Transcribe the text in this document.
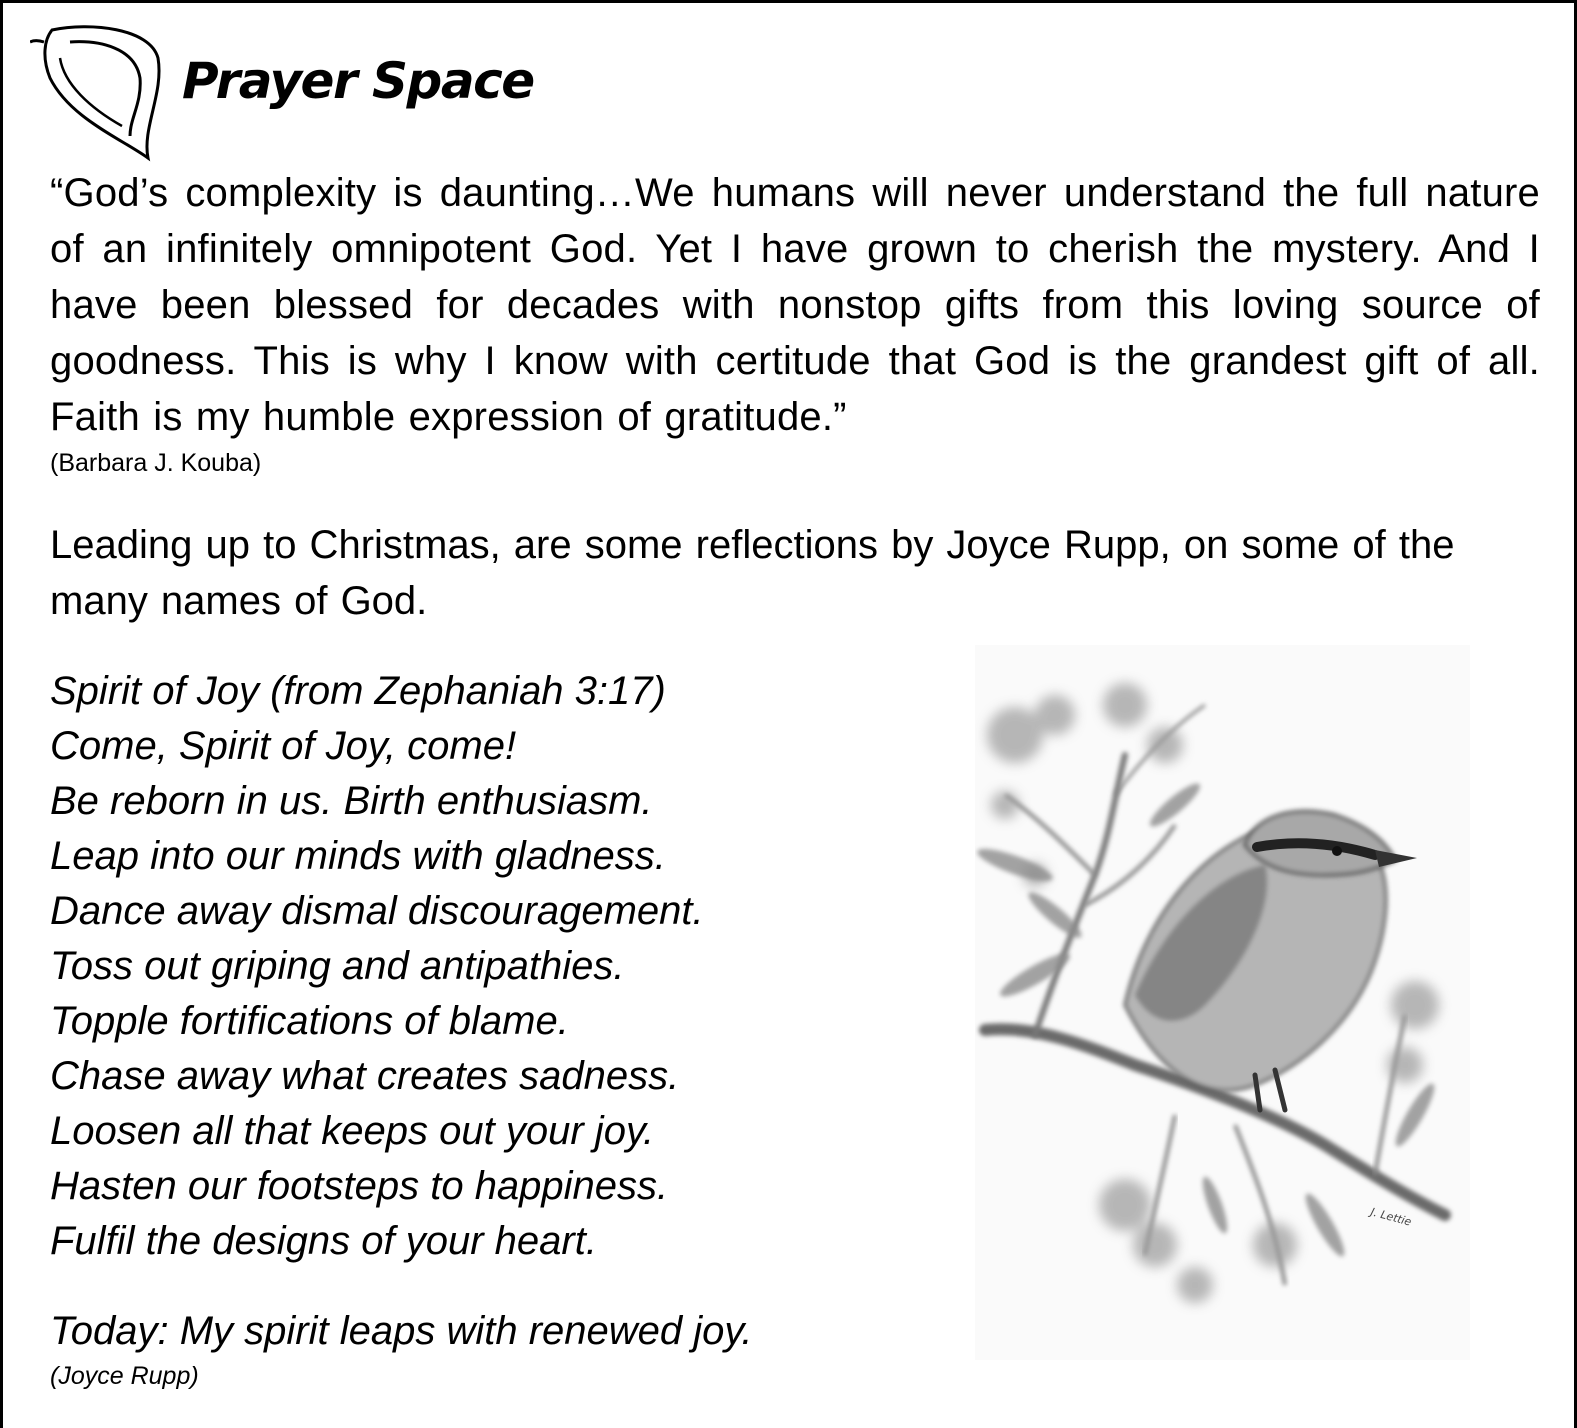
Prayer Space

“God’s complexity is daunting…We humans will never understand the full nature of an infinitely omnipotent God. Yet I have grown to cherish the mystery. And I have been blessed for decades with nonstop gifts from this loving source of goodness. This is why I know with certitude that God is the grandest gift of all. Faith is my humble expression of gratitude.”

(Barbara J. Kouba)

Leading up to Christmas, are some reflections by Joyce Rupp, on some of the many names of God.

Spirit of Joy (from Zephaniah 3:17)
Come, Spirit of Joy, come!
Be reborn in us. Birth enthusiasm.
Leap into our minds with gladness.
Dance away dismal discouragement.
Toss out griping and antipathies.
Topple fortifications of blame.
Chase away what creates sadness.
Loosen all that keeps out your joy.
Hasten our footsteps to happiness.
Fulfil the designs of your heart.
Today: My spirit leaps with renewed joy.
(Joyce Rupp)
J. Lettie
